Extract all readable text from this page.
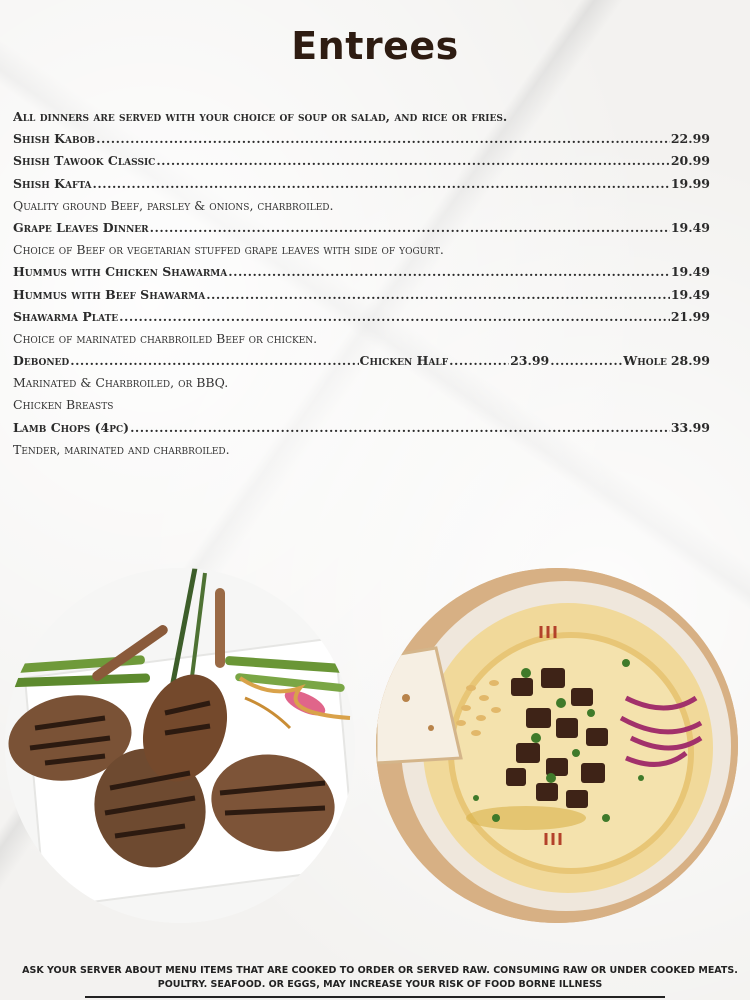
Entrees
All dinners are served with your choice of soup or salad, and rice or fries.
Shish Kabob .....	22.99
Shish Tawook Classic .....	20.99
Shish Kafta .....	19.99
Quality ground Beef, parsley & onions, charbroiled.
Grape Leaves Dinner .....	19.49
Choice of Beef or vegetarian stuffed grape leaves with side of yogurt.
Hummus with Chicken Shawarma .....	19.49
Hummus with Beef Shawarma .....	19.49
Shawarma Plate .....	21.99
Choice of marinated charbroiled Beef or chicken.
Deboned .....	Chicken Half .....	23.99 .....	Whole 28.99
Marinated & Charbroiled, or BBQ.
Chicken Breasts
Lamb Chops (4pc) .....	33.99
Tender, marinated and charbroiled.
ASK YOUR SERVER ABOUT MENU ITEMS THAT ARE COOKED TO ORDER OR SERVED RAW. CONSUMING RAW OR UNDER COOKED MEATS. POULTRY. SEAFOOD. OR EGGS, MAY INCREASE YOUR RISK OF FOOD BORNE ILLNESS
